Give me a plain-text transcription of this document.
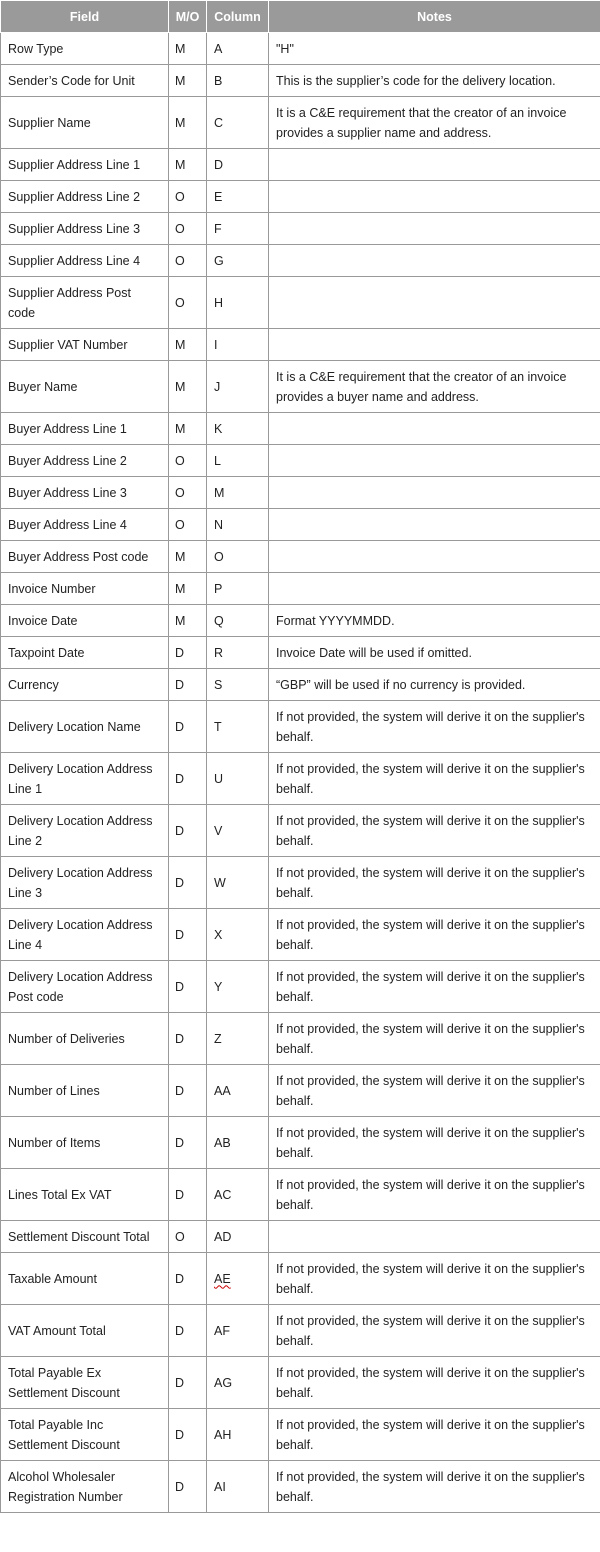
Field	M/O	Column	Notes
Row Type	M	A	"H"
Sender’s Code for Unit	M	B	This is the supplier’s code for the delivery location.
Supplier Name	M	C	It is a C&E requirement that the creator of an invoice provides a supplier name and address.
Supplier Address Line 1	M	D	
Supplier Address Line 2	O	E	
Supplier Address Line 3	O	F	
Supplier Address Line 4	O	G	
Supplier Address Post code	O	H	
Supplier VAT Number	M	I	
Buyer Name	M	J	It is a C&E requirement that the creator of an invoice provides a buyer name and address.
Buyer Address Line 1	M	K	
Buyer Address Line 2	O	L	
Buyer Address Line 3	O	M	
Buyer Address Line 4	O	N	
Buyer Address Post code	M	O	
Invoice Number	M	P	
Invoice Date	M	Q	Format YYYYMMDD.
Taxpoint Date	D	R	Invoice Date will be used if omitted.
Currency	D	S	“GBP” will be used if no currency is provided.
Delivery Location Name	D	T	If not provided, the system will derive it on the supplier's behalf.
Delivery Location Address Line 1	D	U	If not provided, the system will derive it on the supplier's behalf.
Delivery Location Address Line 2	D	V	If not provided, the system will derive it on the supplier's behalf.
Delivery Location Address Line 3	D	W	If not provided, the system will derive it on the supplier's behalf.
Delivery Location Address Line 4	D	X	If not provided, the system will derive it on the supplier's behalf.
Delivery Location Address Post code	D	Y	If not provided, the system will derive it on the supplier's behalf.
Number of Deliveries	D	Z	If not provided, the system will derive it on the supplier's behalf.
Number of Lines	D	AA	If not provided, the system will derive it on the supplier's behalf.
Number of Items	D	AB	If not provided, the system will derive it on the supplier's behalf.
Lines Total Ex VAT	D	AC	If not provided, the system will derive it on the supplier's behalf.
Settlement Discount Total	O	AD	
Taxable Amount	D	AE	If not provided, the system will derive it on the supplier's behalf.
VAT Amount Total	D	AF	If not provided, the system will derive it on the supplier's behalf.
Total Payable Ex Settlement Discount	D	AG	If not provided, the system will derive it on the supplier's behalf.
Total Payable Inc Settlement Discount	D	AH	If not provided, the system will derive it on the supplier's behalf.
Alcohol Wholesaler Registration Number	D	AI	If not provided, the system will derive it on the supplier's behalf.
